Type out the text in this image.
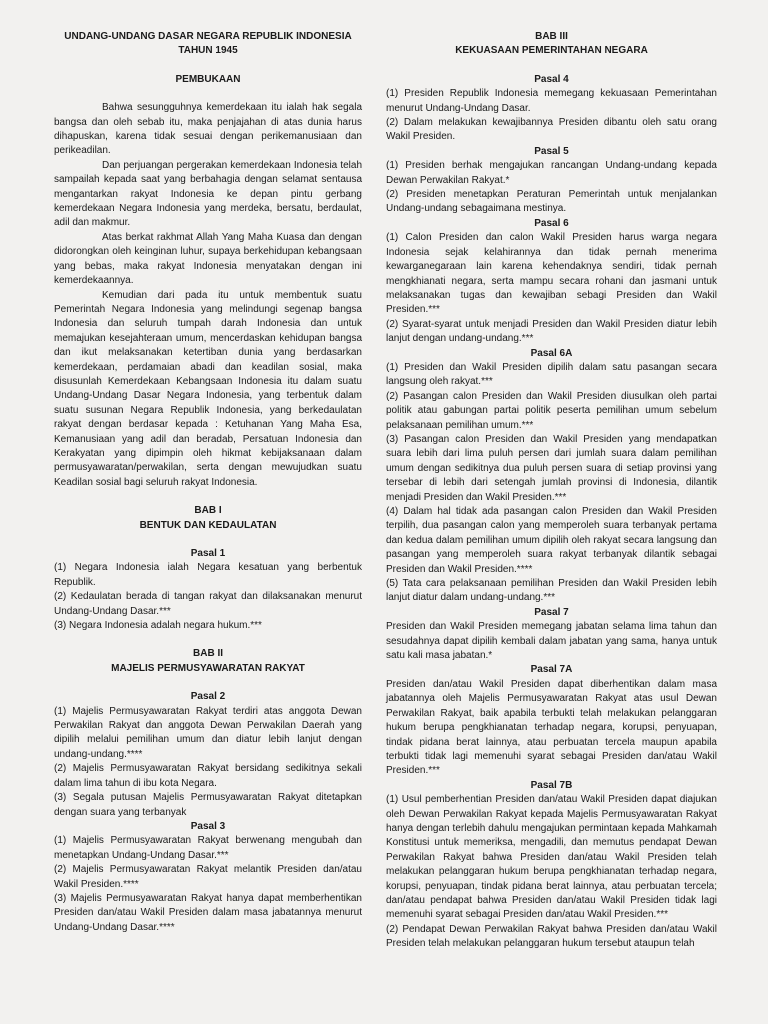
UNDANG-UNDANG DASAR NEGARA REPUBLIK INDONESIA

TAHUN 1945

PEMBUKAAN

Bahwa sesungguhnya kemerdekaan itu ialah hak segala bangsa dan oleh sebab itu, maka penjajahan di atas dunia harus dihapuskan, karena tidak sesuai dengan perikemanusiaan dan perikeadilan.

Dan perjuangan pergerakan kemerdekaan Indonesia telah sampailah kepada saat yang berbahagia dengan selamat sentausa mengantarkan rakyat Indonesia ke depan pintu gerbang kemerdekaan Negara Indonesia yang merdeka, bersatu, berdaulat, adil dan makmur.

Atas berkat rakhmat Allah Yang Maha Kuasa dan dengan didorongkan oleh keinginan luhur, supaya berkehidupan kebangsaan yang bebas, maka rakyat Indonesia menyatakan dengan ini kemerdekaannya.

Kemudian dari pada itu untuk membentuk suatu Pemerintah Negara Indonesia yang melindungi segenap bangsa Indonesia dan seluruh tumpah darah Indonesia dan untuk memajukan kesejahteraan umum, mencerdaskan kehidupan bangsa dan ikut melaksanakan ketertiban dunia yang berdasarkan kemerdekaan, perdamaian abadi dan keadilan sosial, maka disusunlah Kemerdekaan Kebangsaan Indonesia itu dalam suatu Undang-Undang Dasar Negara Indonesia, yang terbentuk dalam suatu susunan Negara Republik Indonesia, yang berkedaulatan rakyat dengan berdasar kepada : Ketuhanan Yang Maha Esa, Kemanusiaan yang adil dan beradab, Persatuan Indonesia dan Kerakyatan yang dipimpin oleh hikmat kebijaksanaan dalam permusyawaratan/perwakilan, serta dengan mewujudkan suatu Keadilan sosial bagi seluruh rakyat Indonesia.

BAB I

BENTUK DAN KEDAULATAN

Pasal 1

(1) Negara Indonesia ialah Negara kesatuan yang berbentuk Republik.

(2) Kedaulatan berada di tangan rakyat dan dilaksanakan menurut Undang-Undang Dasar.***

(3) Negara Indonesia adalah negara hukum.***

BAB II

MAJELIS PERMUSYAWARATAN RAKYAT

Pasal 2

(1) Majelis Permusyawaratan Rakyat terdiri atas anggota Dewan Perwakilan Rakyat dan anggota Dewan Perwakilan Daerah yang dipilih melalui pemilihan umum dan diatur lebih lanjut dengan undang-undang.****

(2) Majelis Permusyawaratan Rakyat bersidang sedikitnya sekali dalam lima tahun di ibu kota Negara.

(3) Segala putusan Majelis Permusyawaratan Rakyat ditetapkan dengan suara yang terbanyak

Pasal 3

(1) Majelis Permusyawaratan Rakyat berwenang mengubah dan menetapkan Undang-Undang Dasar.***

(2) Majelis Permusyawaratan Rakyat melantik Presiden dan/atau Wakil Presiden.****

(3) Majelis Permusyawaratan Rakyat hanya dapat memberhentikan Presiden dan/atau Wakil Presiden dalam masa jabatannya menurut Undang-Undang Dasar.****

BAB III

KEKUASAAN PEMERINTAHAN NEGARA

Pasal 4

(1) Presiden Republik Indonesia memegang kekuasaan Pemerintahan menurut Undang-Undang Dasar.

(2) Dalam melakukan kewajibannya Presiden dibantu oleh satu orang Wakil Presiden.

Pasal 5

(1) Presiden berhak mengajukan rancangan Undang-undang kepada Dewan Perwakilan Rakyat.*

(2) Presiden menetapkan Peraturan Pemerintah untuk menjalankan Undang-undang sebagaimana mestinya.

Pasal 6

(1) Calon Presiden dan calon Wakil Presiden harus warga negara Indonesia sejak kelahirannya dan tidak pernah menerima kewarganegaraan lain karena kehendaknya sendiri, tidak pernah mengkhianati negara, serta mampu secara rohani dan jasmani untuk melaksanakan tugas dan kewajiban sebagi Presiden dan Wakil Presiden.***

(2) Syarat-syarat untuk menjadi Presiden dan Wakil Presiden diatur lebih lanjut dengan undang-undang.***

Pasal 6A

(1) Presiden dan Wakil Presiden dipilih dalam satu pasangan secara langsung oleh rakyat.***

(2) Pasangan calon Presiden dan Wakil Presiden diusulkan oleh partai politik atau gabungan partai politik peserta pemilihan umum sebelum pelaksanaan pemilihan umum.***

(3) Pasangan calon Presiden dan Wakil Presiden yang mendapatkan suara lebih dari lima puluh persen dari jumlah suara dalam pemilihan umum dengan sedikitnya dua puluh persen suara di setiap provinsi yang tersebar di lebih dari setengah jumlah provinsi di Indonesia, dilantik menjadi Presiden dan Wakil Presiden.***

(4) Dalam hal tidak ada pasangan calon Presiden dan Wakil Presiden terpilih, dua pasangan calon yang memperoleh suara terbanyak pertama dan kedua dalam pemilihan umum dipilih oleh rakyat secara langsung dan pasangan yang memperoleh suara rakyat terbanyak dilantik sebagai Presiden dan Wakil Presiden.****

(5) Tata cara pelaksanaan pemilihan Presiden dan Wakil Presiden lebih lanjut diatur dalam undang-undang.***

Pasal 7

Presiden dan Wakil Presiden memegang jabatan selama lima tahun dan sesudahnya dapat dipilih kembali dalam jabatan yang sama, hanya untuk satu kali masa jabatan.*

Pasal 7A

Presiden dan/atau Wakil Presiden dapat diberhentikan dalam masa jabatannya oleh Majelis Permusyawaratan Rakyat atas usul Dewan Perwakilan Rakyat, baik apabila terbukti telah melakukan pelanggaran hukum berupa pengkhianatan terhadap negara, korupsi, penyuapan, tindak pidana berat lainnya, atau perbuatan tercela maupun apabila terbukti tidak lagi memenuhi syarat sebagai Presiden dan/atau Wakil Presiden.***

Pasal 7B

(1) Usul pemberhentian Presiden dan/atau Wakil Presiden dapat diajukan oleh Dewan Perwakilan Rakyat kepada Majelis Permusyawaratan Rakyat hanya dengan terlebih dahulu mengajukan permintaan kepada Mahkamah Konstitusi untuk memeriksa, mengadili, dan memutus pendapat Dewan Perwakilan Rakyat bahwa Presiden dan/atau Wakil Presiden telah melakukan pelanggaran hukum berupa pengkhianatan terhadap negara, korupsi, penyuapan, tindak pidana berat lainnya, atau perbuatan tercela; dan/atau pendapat bahwa Presiden dan/atau Wakil Presiden tidak lagi memenuhi syarat sebagai Presiden dan/atau Wakil Presiden.***

(2) Pendapat Dewan Perwakilan Rakyat bahwa Presiden dan/atau Wakil Presiden telah melakukan pelanggaran hukum tersebut ataupun telah
